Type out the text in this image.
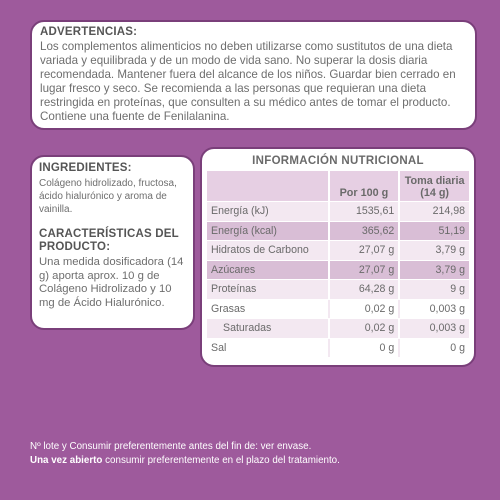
ADVERTENCIAS:
Los complementos alimenticios no deben utilizarse como sustitutos de una dieta variada y equilibrada y de un modo de vida sano. No superar la dosis diaria recomendada. Mantener fuera del alcance de los niños. Guardar bien cerrado en lugar fresco y seco. Se recomienda a las personas que requieran una dieta restringida en proteínas, que consulten a su médico antes de tomar el producto. Contiene una fuente de Fenilalanina.
INGREDIENTES:
Colágeno hidrolizado, fructosa, ácido hialurónico y aroma de vainilla.
CARACTERÍSTICAS DEL PRODUCTO:
Una medida dosificadora (14 g) aporta aprox. 10 g de Colágeno Hidrolizado y 10 mg de Ácido Hialurónico.
INFORMACIÓN NUTRICIONAL
	Por 100 g	Toma diaria
(14 g)
Energía (kJ)	1535,61	214,98
Energía (kcal)	365,62	51,19
Hidratos de Carbono	27,07 g	3,79 g
Azúcares	27,07 g	3,79 g
Proteínas	64,28 g	9 g
Grasas	0,02 g	0,003 g
Saturadas	0,02 g	0,003 g
Sal	0 g	0 g
Nº lote y Consumir preferentemente antes del fin de: ver envase.
Una vez abierto consumir preferentemente en el plazo del tratamiento.
